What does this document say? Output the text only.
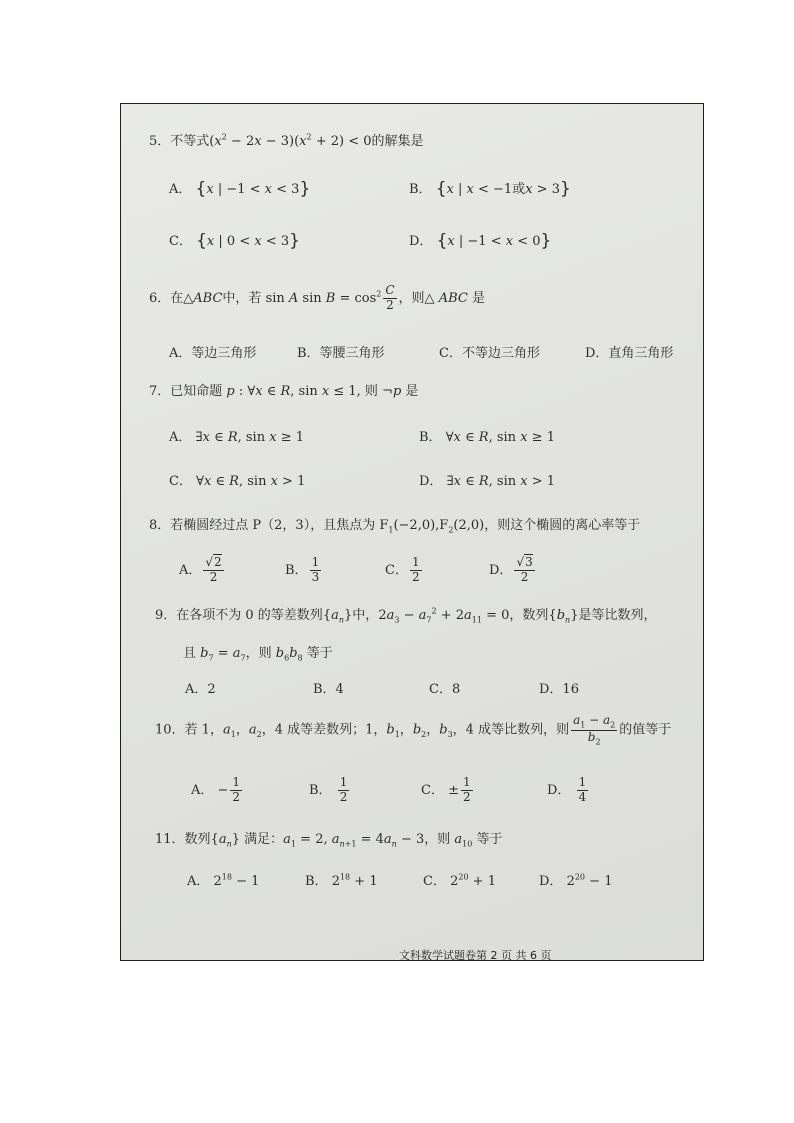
5．不等式$(x^2 - 2x - 3)(x^2 + 2) < 0$的解集是
A． {x | −1 < x < 3}	B． {x | x < −1或x > 3}
C． {x | 0 < x < 3}	D． {x | −1 < x < 0}
6．在△ABC中，若 sin A $\sin B = \cos^2 \frac{C}{2}$ ，则△ ABC 是
A．等边三角形	B．等腰三角形	C．不等边三角形	D．直角三角形
7．已知命题 p : ∀x ∈ R, sin x ≤ 1, 则 ¬p 是
A． ∃x ∈ R, sin x ≥ 1	B． ∀x ∈ R, sin x ≥ 1
C． ∀x ∈ R, sin x > 1	D． ∃x ∈ R, sin x > 1
8．若椭圆经过点 P（2，3），且焦点为 $F_1(-2,0),F_2(2,0)$，则这个椭圆的离心率等于
A． $\frac{√2}{2}$	B． $\frac{1}{3}$	C． $\frac{1}{2}$	D． $\frac{√3}{2}$
9．在各项不为 0 的等差数列$\{a_n\}$中，$2a_3 - a_7^2 + 2a_{11} = 0$，数列$\{b_n\}$是等比数列，
且 $b_7 = a_7$，则 $b_6b_8$ 等于
A．2	B．4	C．8	D．16
10．若 1，$a_1$，$a_2$，4 成等差数列；1，$b_1$，$b_2$，$b_3$，4 成等比数列，则 $\frac{a_1 - a_2}{b_2}$ 的值等于
A． − $\frac{1}{2}$	B． $\frac{1}{2}$	C． ± $\frac{1}{2}$	D． $\frac{1}{4}$
11．数列$\{a_n\}$ 满足：$a_1 = 2$, $a_{n+1} = 4a_n - 3$，则 $a_{10}$ 等于
A． $2^{18} - 1$	B． $2^{18} + 1$	C． $2^{20} + 1$	D． $2^{20} - 1$
文科数学试题卷第 2 页 共 6 页
